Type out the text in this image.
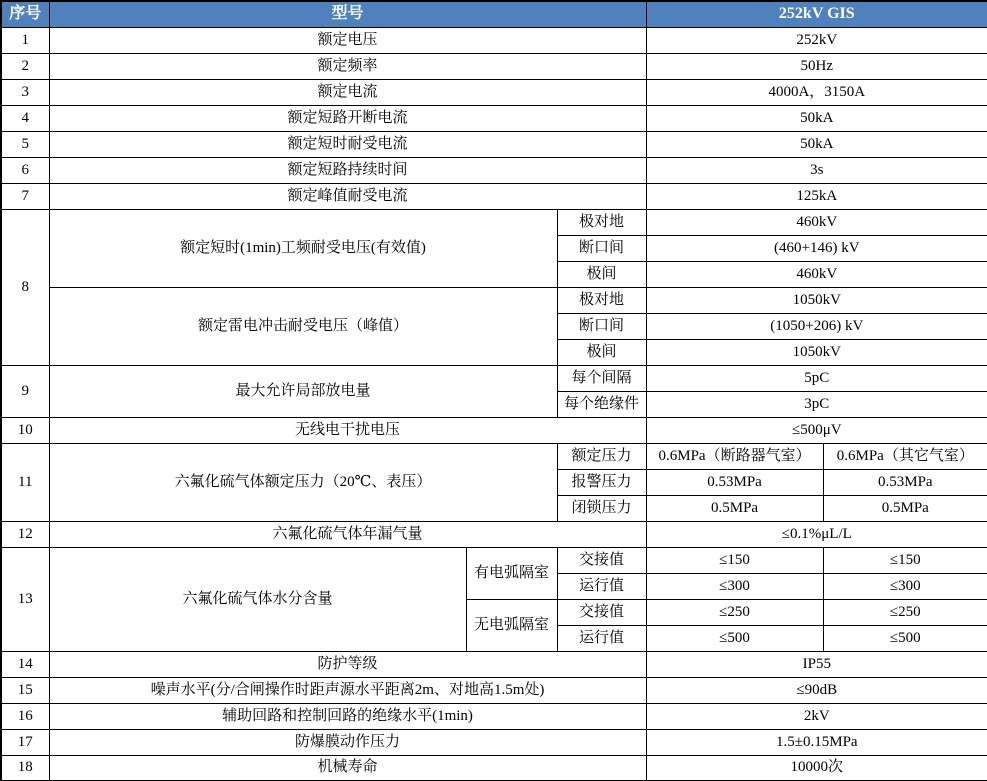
序号	型号			252kV GIS	
1	额定电压			252kV	
2	额定频率			50Hz	
3	额定电流			4000A，3150A	
4	额定短路开断电流			50kA	
5	额定短时耐受电流			50kA	
6	额定短路持续时间			3s	
7	额定峰值耐受电流			125kA	
8	额定短时(1min)工频耐受电压(有效值)		极对地	460kV	
			断口间	(460+146) kV	
			极间	460kV	
	额定雷电冲击耐受电压（峰值）		极对地	1050kV	
			断口间	(1050+206) kV	
			极间	1050kV	
9	最大允许局部放电量		每个间隔	5pC	
			每个绝缘件	3pC	
10	无线电干扰电压			≤500μV	
11	六氟化硫气体额定压力（20℃、表压）		额定压力	0.6MPa（断路器气室）	0.6MPa（其它气室）
			报警压力	0.53MPa	0.53MPa
			闭锁压力	0.5MPa	0.5MPa
12	六氟化硫气体年漏气量			≤0.1%μL/L	
13	六氟化硫气体水分含量	有电弧隔室	交接值	≤150	≤150
			运行值	≤300	≤300
		无电弧隔室	交接值	≤250	≤250
			运行值	≤500	≤500
14	防护等级			IP55	
15	噪声水平(分/合闸操作时距声源水平距离2m、对地高1.5m处)			≤90dB	
16	辅助回路和控制回路的绝缘水平(1min)			2kV	
17	防爆膜动作压力			1.5±0.15MPa	
18	机械寿命			10000次	
